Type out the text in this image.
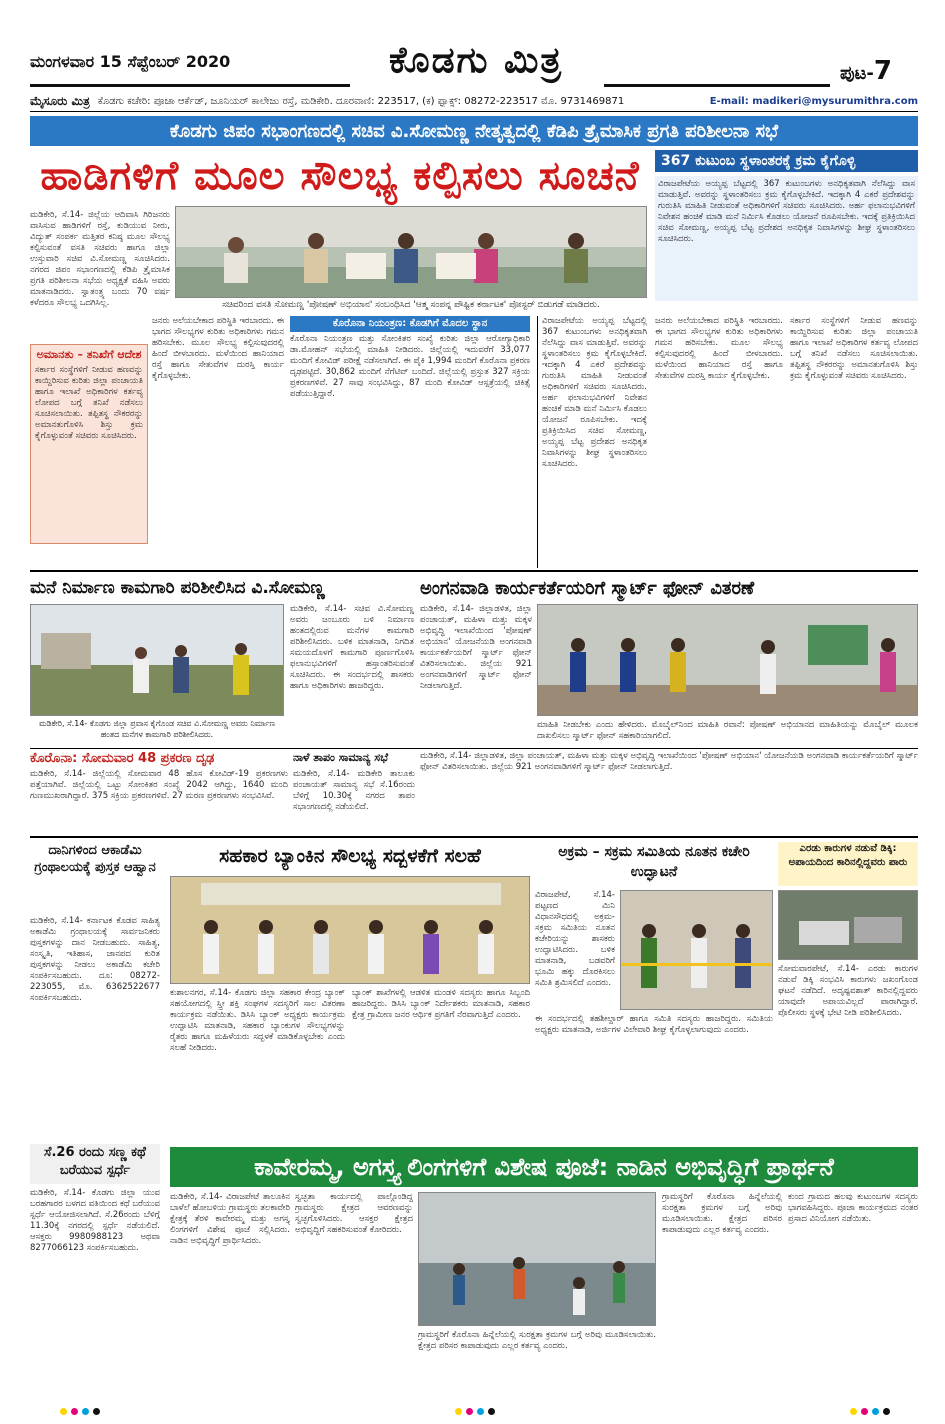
ಮಂಗಳವಾರ 15 ಸೆಪ್ಟೆಂಬರ್ 2020	ಕೊಡಗು ಮಿತ್ರ	ಪುಟ-7
ಮೈಸೂರು ಮಿತ್ರ ಕೊಡಗು ಕಚೇರಿ: ಪೂಜಾ ಆರ್ಕೆಡ್, ಜೂನಿಯರ್ ಕಾಲೇಜು ರಸ್ತೆ, ಮಡಿಕೇರಿ. ದೂರವಾಣಿ: 223517, (ಕ) ಫ್ಯಾಕ್ಸ್: 08272-223517 ಮೊ. 9731469871	E-mail: madikeri@mysurumithra.com
ಕೊಡಗು ಜಿಪಂ ಸಭಾಂಗಣದಲ್ಲಿ ಸಚಿವ ವಿ.ಸೋಮಣ್ಣ ನೇತೃತ್ವದಲ್ಲಿ ಕೆಡಿಪಿ ತ್ರೈಮಾಸಿಕ ಪ್ರಗತಿ ಪರಿಶೀಲನಾ ಸಭೆ
ಹಾಡಿಗಳಿಗೆ ಮೂಲ ಸೌಲಭ್ಯ ಕಲ್ಪಿಸಲು ಸೂಚನೆ
ಮಡಿಕೇರಿ, ಸೆ.14- ಜಿಲ್ಲೆಯ ಆದಿವಾಸಿ ಗಿರಿಜನರು ವಾಸಿಸುವ ಹಾಡಿಗಳಿಗೆ ರಸ್ತೆ, ಕುಡಿಯುವ ನೀರು, ವಿದ್ಯುತ್ ಸಂಪರ್ಕ ಮತ್ತಿತರ ಕನಿಷ್ಠ ಮೂಲ ಸೌಲಭ್ಯ ಕಲ್ಪಿಸುವಂತೆ ವಸತಿ ಸಚಿವರು ಹಾಗೂ ಜಿಲ್ಲಾ ಉಸ್ತುವಾರಿ ಸಚಿವ ವಿ.ಸೋಮಣ್ಣ ಸೂಚಿಸಿದರು. ನಗರದ ಜಿಪಂ ಸಭಾಂಗಣದಲ್ಲಿ ಕೆಡಿಪಿ ತ್ರೈಮಾಸಿಕ ಪ್ರಗತಿ ಪರಿಶೀಲನಾ ಸಭೆಯ ಅಧ್ಯಕ್ಷತೆ ವಹಿಸಿ ಅವರು ಮಾತನಾಡಿದರು. ಸ್ವಾತಂತ್ರ್ಯ ಬಂದು 70 ವರ್ಷ ಕಳೆದರೂ ಸೌಲಭ್ಯ ಒದಗಿಸಿಲ್ಲ.	ಸಚಿವರಿಂದ ವಸತಿ ಸೋಮಣ್ಣ 'ಪೋಷಣ್ ಅಭಿಯಾನ' ಸಂಬಂಧಿಸಿದ 'ಆತ್ಮ ಸಂಪನ್ನ ಪೌಷ್ಟಿಕ ಕರ್ನಾಟಕ' ಪೋಸ್ಟರ್ ಬಿಡುಗಡೆ ಮಾಡಿದರು.
ಅಮಾನತು – ತನಿಖೆಗೆ ಆದೇಶ
ಸರ್ಕಾರ ಸಂಸ್ಥೆಗಳಿಗೆ ನೀಡುವ ಹಣವನ್ನು ಕಾಯ್ದಿರಿಸುವ ಕುರಿತು ಜಿಲ್ಲಾ ಪಂಚಾಯತಿ ಹಾಗೂ ಇಲಾಖೆ ಅಧಿಕಾರಿಗಳ ಕರ್ತವ್ಯ ಲೋಪದ ಬಗ್ಗೆ ತನಿಖೆ ನಡೆಸಲು ಸೂಚಿಸಲಾಯಿತು. ತಪ್ಪಿತಸ್ಥ ನೌಕರರನ್ನು ಅಮಾನತುಗೊಳಿಸಿ ಶಿಸ್ತು ಕ್ರಮ ಕೈಗೊಳ್ಳುವಂತೆ ಸಚಿವರು ಸೂಚಿಸಿದರು.
ಜನರು ಅಲೆಯಬೇಕಾದ ಪರಿಸ್ಥಿತಿ ಇರಬಾರದು. ಈ ಭಾಗದ ಸೌಲಭ್ಯಗಳ ಕುರಿತು ಅಧಿಕಾರಿಗಳು ಗಮನ ಹರಿಸಬೇಕು. ಮೂಲ ಸೌಲಭ್ಯ ಕಲ್ಪಿಸುವುದರಲ್ಲಿ ಹಿಂದೆ ಬೀಳಬಾರದು. ಮಳೆಯಿಂದ ಹಾನಿಯಾದ ರಸ್ತೆ ಹಾಗೂ ಸೇತುವೆಗಳ ದುರಸ್ತಿ ಕಾರ್ಯ ಕೈಗೊಳ್ಳಬೇಕು.
ಕೊರೊನಾ ನಿಯಂತ್ರಣ: ಕೊಡಗಿಗೆ ಮೊದಲ ಸ್ಥಾನ
ಕೊರೊನಾ ನಿಯಂತ್ರಣ ಮತ್ತು ಸೋಂಕಿತರ ಸಂಖ್ಯೆ ಕುರಿತು ಜಿಲ್ಲಾ ಆರೋಗ್ಯಾಧಿಕಾರಿ ಡಾ.ಮೋಹನ್ ಸಭೆಯಲ್ಲಿ ಮಾಹಿತಿ ನೀಡಿದರು. ಜಿಲ್ಲೆಯಲ್ಲಿ ಇದುವರೆಗೆ 33,077 ಮಂದಿಗೆ ಕೋವಿಡ್ ಪರೀಕ್ಷೆ ನಡೆಸಲಾಗಿದೆ. ಈ ಪೈಕಿ 1,994 ಮಂದಿಗೆ ಕೊರೊನಾ ಪ್ರಕರಣ ದೃಢಪಟ್ಟಿದೆ. 30,862 ಮಂದಿಗೆ ನೆಗೆಟಿವ್ ಬಂದಿದೆ. ಜಿಲ್ಲೆಯಲ್ಲಿ ಪ್ರಸ್ತುತ 327 ಸಕ್ರಿಯ ಪ್ರಕರಣಗಳಿವೆ. 27 ಸಾವು ಸಂಭವಿಸಿದ್ದು, 87 ಮಂದಿ ಕೋವಿಡ್ ಆಸ್ಪತ್ರೆಯಲ್ಲಿ ಚಿಕಿತ್ಸೆ ಪಡೆಯುತ್ತಿದ್ದಾರೆ.
ವಿರಾಜಪೇಟೆಯ ಅಯ್ಯಪ್ಪ ಬೆಟ್ಟದಲ್ಲಿ 367 ಕುಟುಂಬಗಳು ಅನಧಿಕೃತವಾಗಿ ನೆಲೆಸಿದ್ದು ವಾಸ ಮಾಡುತ್ತಿವೆ. ಅವರನ್ನು ಸ್ಥಳಾಂತರಿಸಲು ಕ್ರಮ ಕೈಗೊಳ್ಳಬೇಕಿದೆ. ಇದಕ್ಕಾಗಿ 4 ಎಕರೆ ಪ್ರದೇಶವನ್ನು ಗುರುತಿಸಿ ಮಾಹಿತಿ ನೀಡುವಂತೆ ಅಧಿಕಾರಿಗಳಿಗೆ ಸಚಿವರು ಸೂಚಿಸಿದರು. ಅರ್ಹ ಫಲಾನುಭವಿಗಳಿಗೆ ನಿವೇಶನ ಹಂಚಿಕೆ ಮಾಡಿ ಮನೆ ನಿರ್ಮಿಸಿ ಕೊಡಲು ಯೋಜನೆ ರೂಪಿಸಬೇಕು. ಇದಕ್ಕೆ ಪ್ರತಿಕ್ರಿಯಿಸಿದ ಸಚಿವ ಸೋಮಣ್ಣ, ಅಯ್ಯಪ್ಪ ಬೆಟ್ಟ ಪ್ರದೇಶದ ಅನಧಿಕೃತ ನಿವಾಸಿಗಳನ್ನು ಶೀಘ್ರ ಸ್ಥಳಾಂತರಿಸಲು ಸೂಚಿಸಿದರು.
367 ಕುಟುಂಬ ಸ್ಥಳಾಂತರಕ್ಕೆ ಕ್ರಮ ಕೈಗೊಳ್ಳಿ
ವಿರಾಜಪೇಟೆಯ ಅಯ್ಯಪ್ಪ ಬೆಟ್ಟದಲ್ಲಿ 367 ಕುಟುಂಬಗಳು ಅನಧಿಕೃತವಾಗಿ ನೆಲೆಸಿದ್ದು ವಾಸ ಮಾಡುತ್ತಿವೆ. ಅವರನ್ನು ಸ್ಥಳಾಂತರಿಸಲು ಕ್ರಮ ಕೈಗೊಳ್ಳಬೇಕಿದೆ. ಇದಕ್ಕಾಗಿ 4 ಎಕರೆ ಪ್ರದೇಶವನ್ನು ಗುರುತಿಸಿ ಮಾಹಿತಿ ನೀಡುವಂತೆ ಅಧಿಕಾರಿಗಳಿಗೆ ಸಚಿವರು ಸೂಚಿಸಿದರು. ಅರ್ಹ ಫಲಾನುಭವಿಗಳಿಗೆ ನಿವೇಶನ ಹಂಚಿಕೆ ಮಾಡಿ ಮನೆ ನಿರ್ಮಿಸಿ ಕೊಡಲು ಯೋಜನೆ ರೂಪಿಸಬೇಕು. ಇದಕ್ಕೆ ಪ್ರತಿಕ್ರಿಯಿಸಿದ ಸಚಿವ ಸೋಮಣ್ಣ, ಅಯ್ಯಪ್ಪ ಬೆಟ್ಟ ಪ್ರದೇಶದ ಅನಧಿಕೃತ ನಿವಾಸಿಗಳನ್ನು ಶೀಘ್ರ ಸ್ಥಳಾಂತರಿಸಲು ಸೂಚಿಸಿದರು.
ಜನರು ಅಲೆಯಬೇಕಾದ ಪರಿಸ್ಥಿತಿ ಇರಬಾರದು. ಈ ಭಾಗದ ಸೌಲಭ್ಯಗಳ ಕುರಿತು ಅಧಿಕಾರಿಗಳು ಗಮನ ಹರಿಸಬೇಕು. ಮೂಲ ಸೌಲಭ್ಯ ಕಲ್ಪಿಸುವುದರಲ್ಲಿ ಹಿಂದೆ ಬೀಳಬಾರದು. ಮಳೆಯಿಂದ ಹಾನಿಯಾದ ರಸ್ತೆ ಹಾಗೂ ಸೇತುವೆಗಳ ದುರಸ್ತಿ ಕಾರ್ಯ ಕೈಗೊಳ್ಳಬೇಕು.
ಸರ್ಕಾರ ಸಂಸ್ಥೆಗಳಿಗೆ ನೀಡುವ ಹಣವನ್ನು ಕಾಯ್ದಿರಿಸುವ ಕುರಿತು ಜಿಲ್ಲಾ ಪಂಚಾಯತಿ ಹಾಗೂ ಇಲಾಖೆ ಅಧಿಕಾರಿಗಳ ಕರ್ತವ್ಯ ಲೋಪದ ಬಗ್ಗೆ ತನಿಖೆ ನಡೆಸಲು ಸೂಚಿಸಲಾಯಿತು. ತಪ್ಪಿತಸ್ಥ ನೌಕರರನ್ನು ಅಮಾನತುಗೊಳಿಸಿ ಶಿಸ್ತು ಕ್ರಮ ಕೈಗೊಳ್ಳುವಂತೆ ಸಚಿವರು ಸೂಚಿಸಿದರು.
ಮನೆ ನಿರ್ಮಾಣ ಕಾಮಗಾರಿ ಪರಿಶೀಲಿಸಿದ ವಿ.ಸೋಮಣ್ಣ
ಮಡಿಕೇರಿ, ಸೆ.14- ಕೊಡಗು ಜಿಲ್ಲಾ ಪ್ರವಾಸ ಕೈಗೊಂಡ ಸಚಿವ ವಿ.ಸೋಮಣ್ಣ ಅವರು ನಿರ್ಮಾಣ ಹಂತದ ಮನೆಗಳ ಕಾಮಗಾರಿ ಪರಿಶೀಲಿಸಿದರು.
ಮಡಿಕೇರಿ, ಸೆ.14- ಸಚಿವ ವಿ.ಸೋಮಣ್ಣ ಅವರು ಜಂಬೂರು ಬಳಿ ನಿರ್ಮಾಣ ಹಂತದಲ್ಲಿರುವ ಮನೆಗಳ ಕಾಮಗಾರಿ ಪರಿಶೀಲಿಸಿದರು. ಬಳಿಕ ಮಾತನಾಡಿ, ನಿಗದಿತ ಸಮಯದೊಳಗೆ ಕಾಮಗಾರಿ ಪೂರ್ಣಗೊಳಿಸಿ ಫಲಾನುಭವಿಗಳಿಗೆ ಹಸ್ತಾಂತರಿಸುವಂತೆ ಸೂಚಿಸಿದರು. ಈ ಸಂದರ್ಭದಲ್ಲಿ ಶಾಸಕರು ಹಾಗೂ ಅಧಿಕಾರಿಗಳು ಹಾಜರಿದ್ದರು.
ಅಂಗನವಾಡಿ ಕಾರ್ಯಕರ್ತೆಯರಿಗೆ ಸ್ಮಾರ್ಟ್ ಫೋನ್ ವಿತರಣೆ
ಮಡಿಕೇರಿ, ಸೆ.14- ಜಿಲ್ಲಾಡಳಿತ, ಜಿಲ್ಲಾ ಪಂಚಾಯತ್, ಮಹಿಳಾ ಮತ್ತು ಮಕ್ಕಳ ಅಭಿವೃದ್ಧಿ ಇಲಾಖೆಯಿಂದ 'ಪೋಷಣ್ ಅಭಿಯಾನ' ಯೋಜನೆಯಡಿ ಅಂಗನವಾಡಿ ಕಾರ್ಯಕರ್ತೆಯರಿಗೆ ಸ್ಮಾರ್ಟ್ ಫೋನ್ ವಿತರಿಸಲಾಯಿತು. ಜಿಲ್ಲೆಯ 921 ಅಂಗನವಾಡಿಗಳಿಗೆ ಸ್ಮಾರ್ಟ್ ಫೋನ್ ನೀಡಲಾಗುತ್ತಿದೆ.
ಮಾಹಿತಿ ನೀಡಬೇಕು ಎಂದು ಹೇಳಿದರು. ಮೊಬೈಲ್‌ನಿಂದ ಮಾಹಿತಿ ರವಾನೆ: ಪೋಷಣ್ ಅಭಿಯಾನದ ಮಾಹಿತಿಯನ್ನು ಮೊಬೈಲ್ ಮೂಲಕ ದಾಖಲಿಸಲು ಸ್ಮಾರ್ಟ್ ಫೋನ್ ಸಹಕಾರಿಯಾಗಲಿದೆ.
ಕೊರೊನಾ: ಸೋಮವಾರ 48 ಪ್ರಕರಣ ದೃಢ
ಮಡಿಕೇರಿ, ಸೆ.14- ಜಿಲ್ಲೆಯಲ್ಲಿ ಸೋಮವಾರ 48 ಹೊಸ ಕೋವಿಡ್-19 ಪ್ರಕರಣಗಳು ಪತ್ತೆಯಾಗಿವೆ. ಜಿಲ್ಲೆಯಲ್ಲಿ ಒಟ್ಟು ಸೋಂಕಿತರ ಸಂಖ್ಯೆ 2042 ಆಗಿದ್ದು, 1640 ಮಂದಿ ಗುಣಮುಖರಾಗಿದ್ದಾರೆ. 375 ಸಕ್ರಿಯ ಪ್ರಕರಣಗಳಿವೆ. 27 ಮರಣ ಪ್ರಕರಣಗಳು ಸಂಭವಿಸಿವೆ.
ನಾಳೆ ತಾಪಂ ಸಾಮಾನ್ಯ ಸಭೆ
ಮಡಿಕೇರಿ, ಸೆ.14- ಮಡಿಕೇರಿ ತಾಲೂಕು ಪಂಚಾಯತ್ ಸಾಮಾನ್ಯ ಸಭೆ ಸೆ.16ರಂದು ಬೆಳಿಗ್ಗೆ 10.30ಕ್ಕೆ ನಗರದ ತಾಪಂ ಸಭಾಂಗಣದಲ್ಲಿ ನಡೆಯಲಿದೆ.
ಮಡಿಕೇರಿ, ಸೆ.14- ಜಿಲ್ಲಾಡಳಿತ, ಜಿಲ್ಲಾ ಪಂಚಾಯತ್, ಮಹಿಳಾ ಮತ್ತು ಮಕ್ಕಳ ಅಭಿವೃದ್ಧಿ ಇಲಾಖೆಯಿಂದ 'ಪೋಷಣ್ ಅಭಿಯಾನ' ಯೋಜನೆಯಡಿ ಅಂಗನವಾಡಿ ಕಾರ್ಯಕರ್ತೆಯರಿಗೆ ಸ್ಮಾರ್ಟ್ ಫೋನ್ ವಿತರಿಸಲಾಯಿತು. ಜಿಲ್ಲೆಯ 921 ಅಂಗನವಾಡಿಗಳಿಗೆ ಸ್ಮಾರ್ಟ್ ಫೋನ್ ನೀಡಲಾಗುತ್ತಿದೆ.
ದಾನಿಗಳಿಂದ ಆಕಾಡೆಮಿ ಗ್ರಂಥಾಲಯಕ್ಕೆ ಪುಸ್ತಕ ಆಹ್ವಾನ
ಮಡಿಕೇರಿ, ಸೆ.14- ಕರ್ನಾಟಕ ಕೊಡವ ಸಾಹಿತ್ಯ ಅಕಾಡೆಮಿ ಗ್ರಂಥಾಲಯಕ್ಕೆ ಸಾರ್ವಜನಿಕರು ಪುಸ್ತಕಗಳನ್ನು ದಾನ ನೀಡಬಹುದು. ಸಾಹಿತ್ಯ, ಸಂಸ್ಕೃತಿ, ಇತಿಹಾಸ, ಜಾನಪದ ಕುರಿತ ಪುಸ್ತಕಗಳನ್ನು ನೀಡಲು ಅಕಾಡೆಮಿ ಕಚೇರಿ ಸಂಪರ್ಕಿಸಬಹುದು. ದೂ: 08272-223055, ಮೊ. 6362522677 ಸಂಪರ್ಕಿಸಬಹುದು.
ಸೆ.26 ರಂದು ಸಣ್ಣ ಕಥೆ ಬರೆಯುವ ಸ್ಪರ್ಧೆ
ಮಡಿಕೇರಿ, ಸೆ.14- ಕೊಡಗು ಜಿಲ್ಲಾ ಯುವ ಬರಹಗಾರರ ಬಳಗದ ವತಿಯಿಂದ ಕಥೆ ಬರೆಯುವ ಸ್ಪರ್ಧೆ ಆಯೋಜಿಸಲಾಗಿದೆ. ಸೆ.26ರಂದು ಬೆಳಿಗ್ಗೆ 11.30ಕ್ಕೆ ನಗರದಲ್ಲಿ ಸ್ಪರ್ಧೆ ನಡೆಯಲಿದೆ. ಆಸಕ್ತರು 9980988123 ಅಥವಾ 8277066123 ಸಂಪರ್ಕಿಸಬಹುದು.
ಸಹಕಾರ ಬ್ಯಾಂಕಿನ ಸೌಲಭ್ಯ ಸದ್ಬಳಕೆಗೆ ಸಲಹೆ
ಕುಶಾಲನಗರ, ಸೆ.14- ಕೊಡಗು ಜಿಲ್ಲಾ ಸಹಕಾರ ಕೇಂದ್ರ ಬ್ಯಾಂಕ್ ಸಹಯೋಗದಲ್ಲಿ ಸ್ತ್ರೀ ಶಕ್ತಿ ಸಂಘಗಳ ಸದಸ್ಯರಿಗೆ ಸಾಲ ವಿತರಣಾ ಕಾರ್ಯಕ್ರಮ ನಡೆಯಿತು. ಡಿಸಿಸಿ ಬ್ಯಾಂಕ್ ಅಧ್ಯಕ್ಷರು ಕಾರ್ಯಕ್ರಮ ಉದ್ಘಾಟಿಸಿ ಮಾತನಾಡಿ, ಸಹಕಾರ ಬ್ಯಾಂಕುಗಳ ಸೌಲಭ್ಯಗಳನ್ನು ರೈತರು ಹಾಗೂ ಮಹಿಳೆಯರು ಸದ್ಬಳಕೆ ಮಾಡಿಕೊಳ್ಳಬೇಕು ಎಂದು ಸಲಹೆ ನೀಡಿದರು.
ಬ್ಯಾಂಕ್ ಶಾಖೆಗಳಲ್ಲಿ ಆಡಳಿತ ಮಂಡಳಿ ಸದಸ್ಯರು ಹಾಗೂ ಸಿಬ್ಬಂದಿ ಹಾಜರಿದ್ದರು. ಡಿಸಿಸಿ ಬ್ಯಾಂಕ್ ನಿರ್ದೇಶಕರು ಮಾತನಾಡಿ, ಸಹಕಾರ ಕ್ಷೇತ್ರ ಗ್ರಾಮೀಣ ಜನರ ಆರ್ಥಿಕ ಪ್ರಗತಿಗೆ ನೆರವಾಗುತ್ತಿದೆ ಎಂದರು.
ಅಕ್ರಮ – ಸಕ್ರಮ ಸಮಿತಿಯ ನೂತನ ಕಚೇರಿ ಉದ್ಘಾಟನೆ
ವಿರಾಜಪೇಟೆ, ಸೆ.14- ಪಟ್ಟಣದ ಮಿನಿ ವಿಧಾನಸೌಧದಲ್ಲಿ ಅಕ್ರಮ-ಸಕ್ರಮ ಸಮಿತಿಯ ನೂತನ ಕಚೇರಿಯನ್ನು ಶಾಸಕರು ಉದ್ಘಾಟಿಸಿದರು. ಬಳಿಕ ಮಾತನಾಡಿ, ಬಡವರಿಗೆ ಭೂಮಿ ಹಕ್ಕು ದೊರಕಿಸಲು ಸಮಿತಿ ಶ್ರಮಿಸಲಿದೆ ಎಂದರು.
ಈ ಸಂದರ್ಭದಲ್ಲಿ ತಹಶೀಲ್ದಾರ್ ಹಾಗೂ ಸಮಿತಿ ಸದಸ್ಯರು ಹಾಜರಿದ್ದರು. ಸಮಿತಿಯ ಅಧ್ಯಕ್ಷರು ಮಾತನಾಡಿ, ಅರ್ಜಿಗಳ ವಿಲೇವಾರಿ ಶೀಘ್ರ ಕೈಗೊಳ್ಳಲಾಗುವುದು ಎಂದರು.
ಎರಡು ಕಾರುಗಳ ನಡುವೆ ಡಿಕ್ಕಿ: ಅಪಾಯದಿಂದ ಕಾರಿನಲ್ಲಿದ್ದವರು ಪಾರು
ಸೋಮವಾರಪೇಟೆ, ಸೆ.14- ಎರಡು ಕಾರುಗಳ ನಡುವೆ ಡಿಕ್ಕಿ ಸಂಭವಿಸಿ ಕಾರುಗಳು ಜಖಂಗೊಂಡ ಘಟನೆ ನಡೆದಿದೆ. ಅದೃಷ್ಟವಶಾತ್ ಕಾರಿನಲ್ಲಿದ್ದವರು ಯಾವುದೇ ಅಪಾಯವಿಲ್ಲದೆ ಪಾರಾಗಿದ್ದಾರೆ. ಪೊಲೀಸರು ಸ್ಥಳಕ್ಕೆ ಭೇಟಿ ನೀಡಿ ಪರಿಶೀಲಿಸಿದರು.
ಕಾವೇರಮ್ಮ, ಅಗಸ್ತ್ಯ ಲಿಂಗಗಳಿಗೆ ವಿಶೇಷ ಪೂಜೆ: ನಾಡಿನ ಅಭಿವೃದ್ಧಿಗೆ ಪ್ರಾರ್ಥನೆ
ಮಡಿಕೇರಿ, ಸೆ.14- ವಿರಾಜಪೇಟೆ ತಾಲೂಕಿನ ಬಾಳೆಲೆ ಹೋಬಳಿಯ ಗ್ರಾಮಸ್ಥರು ತಲಕಾವೇರಿ ಕ್ಷೇತ್ರಕ್ಕೆ ತೆರಳಿ ಕಾವೇರಮ್ಮ ಮತ್ತು ಅಗಸ್ತ್ಯ ಲಿಂಗಗಳಿಗೆ ವಿಶೇಷ ಪೂಜೆ ಸಲ್ಲಿಸಿದರು. ನಾಡಿನ ಅಭಿವೃದ್ಧಿಗೆ ಪ್ರಾರ್ಥಿಸಿದರು.
ಸ್ವಚ್ಛತಾ ಕಾರ್ಯದಲ್ಲಿ ಪಾಲ್ಗೊಂಡಿದ್ದ ಗ್ರಾಮಸ್ಥರು ಕ್ಷೇತ್ರದ ಆವರಣವನ್ನು ಸ್ವಚ್ಛಗೊಳಿಸಿದರು. ಆಸಕ್ತರ ಕ್ಷೇತ್ರದ ಅಭಿವೃದ್ಧಿಗೆ ಸಹಕರಿಸುವಂತೆ ಕೋರಿದರು.
ಗ್ರಾಮಸ್ಥರಿಗೆ ಕೊರೊನಾ ಹಿನ್ನೆಲೆಯಲ್ಲಿ ಸುರಕ್ಷತಾ ಕ್ರಮಗಳ ಬಗ್ಗೆ ಅರಿವು ಮೂಡಿಸಲಾಯಿತು. ಕ್ಷೇತ್ರದ ಪರಿಸರ ಕಾಪಾಡುವುದು ಎಲ್ಲರ ಕರ್ತವ್ಯ ಎಂದರು.
ಗ್ರಾಮಸ್ಥರಿಗೆ ಕೊರೊನಾ ಹಿನ್ನೆಲೆಯಲ್ಲಿ ಸುರಕ್ಷತಾ ಕ್ರಮಗಳ ಬಗ್ಗೆ ಅರಿವು ಮೂಡಿಸಲಾಯಿತು. ಕ್ಷೇತ್ರದ ಪರಿಸರ ಕಾಪಾಡುವುದು ಎಲ್ಲರ ಕರ್ತವ್ಯ ಎಂದರು.
ಕುಂದ ಗ್ರಾಮದ ಹಲವು ಕುಟುಂಬಗಳ ಸದಸ್ಯರು ಭಾಗವಹಿಸಿದ್ದರು. ಪೂಜಾ ಕಾರ್ಯಕ್ರಮದ ನಂತರ ಪ್ರಸಾದ ವಿನಿಯೋಗ ನಡೆಯಿತು.
